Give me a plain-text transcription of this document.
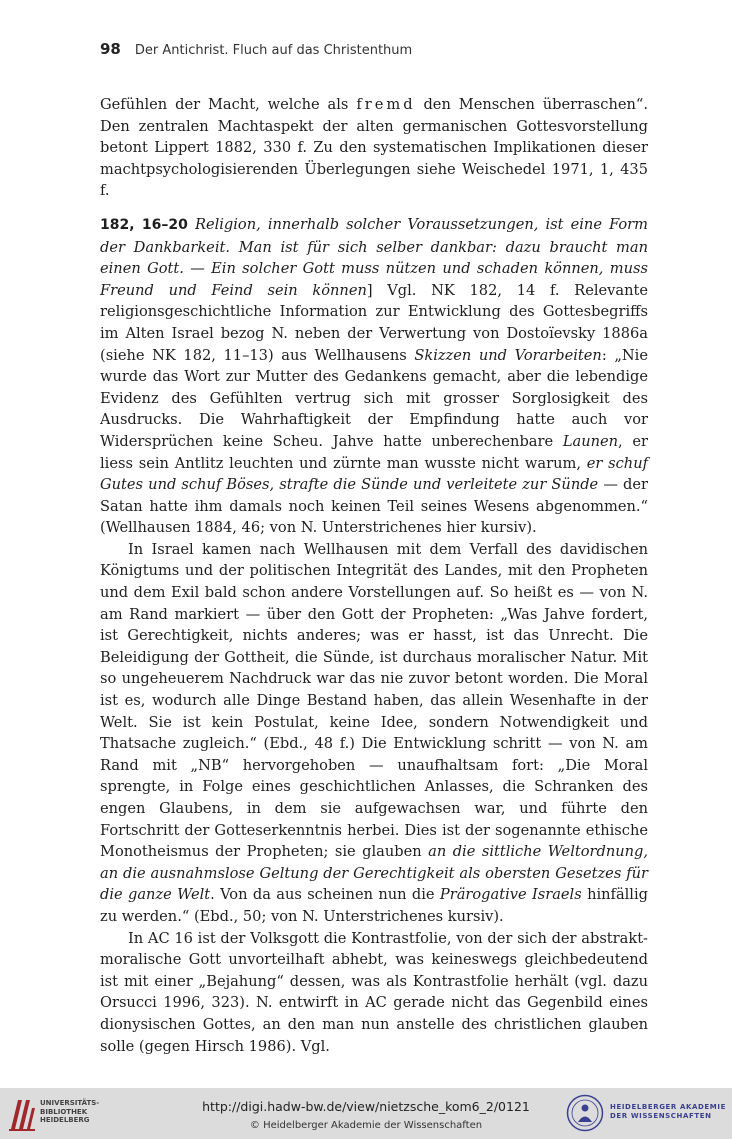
98 Der Antichrist. Fluch auf das Christenthum

Gefühlen der Macht, welche als fremd den Menschen überraschen“. Den zentralen Machtaspekt der alten germanischen Gottesvorstellung betont Lippert 1882, 330 f. Zu den systematischen Implikationen dieser machtpsychologisierenden Überlegungen siehe Weischedel 1971, 1, 435 f.

182, 16–20 Religion, innerhalb solcher Voraussetzungen, ist eine Form der Dankbarkeit. Man ist für sich selber dankbar: dazu braucht man einen Gott. — Ein solcher Gott muss nützen und schaden können, muss Freund und Feind sein können] Vgl. NK 182, 14 f. Relevante religionsgeschichtliche Information zur Entwicklung des Gottesbegriffs im Alten Israel bezog N. neben der Verwertung von Dostoïevsky 1886a (siehe NK 182, 11–13) aus Wellhausens Skizzen und Vorarbeiten: „Nie wurde das Wort zur Mutter des Gedankens gemacht, aber die lebendige Evidenz des Gefühlten vertrug sich mit grosser Sorglosigkeit des Ausdrucks. Die Wahrhaftigkeit der Empfindung hatte auch vor Widersprüchen keine Scheu. Jahve hatte unberechenbare Launen, er liess sein Antlitz leuchten und zürnte man wusste nicht warum, er schuf Gutes und schuf Böses, strafte die Sünde und verleitete zur Sünde — der Satan hatte ihm damals noch keinen Teil seines Wesens abgenommen.“ (Wellhausen 1884, 46; von N. Unterstrichenes hier kursiv).

In Israel kamen nach Wellhausen mit dem Verfall des davidischen Königtums und der politischen Integrität des Landes, mit den Propheten und dem Exil bald schon andere Vorstellungen auf. So heißt es — von N. am Rand markiert — über den Gott der Propheten: „Was Jahve fordert, ist Gerechtigkeit, nichts anderes; was er hasst, ist das Unrecht. Die Beleidigung der Gottheit, die Sünde, ist durchaus moralischer Natur. Mit so ungeheuerem Nachdruck war das nie zuvor betont worden. Die Moral ist es, wodurch alle Dinge Bestand haben, das allein Wesenhafte in der Welt. Sie ist kein Postulat, keine Idee, sondern Notwendigkeit und Thatsache zugleich.“ (Ebd., 48 f.) Die Entwicklung schritt — von N. am Rand mit „NB“ hervorgehoben — unaufhaltsam fort: „Die Moral sprengte, in Folge eines geschichtlichen Anlasses, die Schranken des engen Glaubens, in dem sie aufgewachsen war, und führte den Fortschritt der Gotteserkenntnis herbei. Dies ist der sogenannte ethische Monotheismus der Propheten; sie glauben an die sittliche Weltordnung, an die ausnahmslose Geltung der Gerechtigkeit als obersten Gesetzes für die ganze Welt. Von da aus scheinen nun die Prärogative Israels hinfällig zu werden.“ (Ebd., 50; von N. Unterstrichenes kursiv).

In AC 16 ist der Volksgott die Kontrastfolie, von der sich der abstrakt-moralische Gott unvorteilhaft abhebt, was keineswegs gleichbedeutend ist mit einer „Bejahung“ dessen, was als Kontrastfolie herhält (vgl. dazu Orsucci 1996, 323). N. entwirft in AC gerade nicht das Gegenbild eines dionysischen Gottes, an den man nun anstelle des christlichen glauben solle (gegen Hirsch 1986). Vgl.

UNIVERSITÄTS-BIBLIOTHEK HEIDELBERG
http://digi.hadw-bw.de/view/nietzsche_kom6_2/0121
© Heidelberger Akademie der Wissenschaften
HEIDELBERGER AKADEMIE DER WISSENSCHAFTEN
